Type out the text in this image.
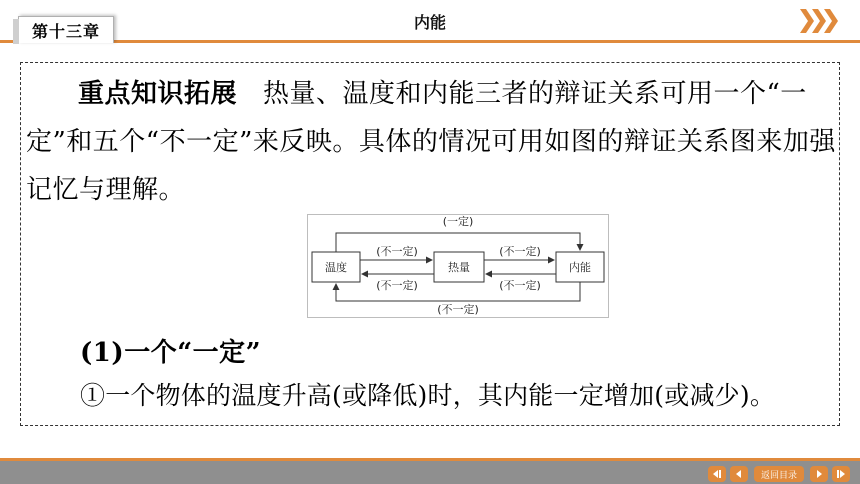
第十三章	内能
重点知识拓展 热量、温度和内能三者的辩证关系可用一个“一定”和五个“不一定”来反映。具体的情况可用如图的辩证关系图来加强记忆与理解。
温度	热量	内能
(一定)
(不一定)
(不一定)
(不一定)
(不一定)
(不一定)
(1)一个“一定”
①一个物体的温度升高(或降低)时，其内能一定增加(或减少)。
返回目录
